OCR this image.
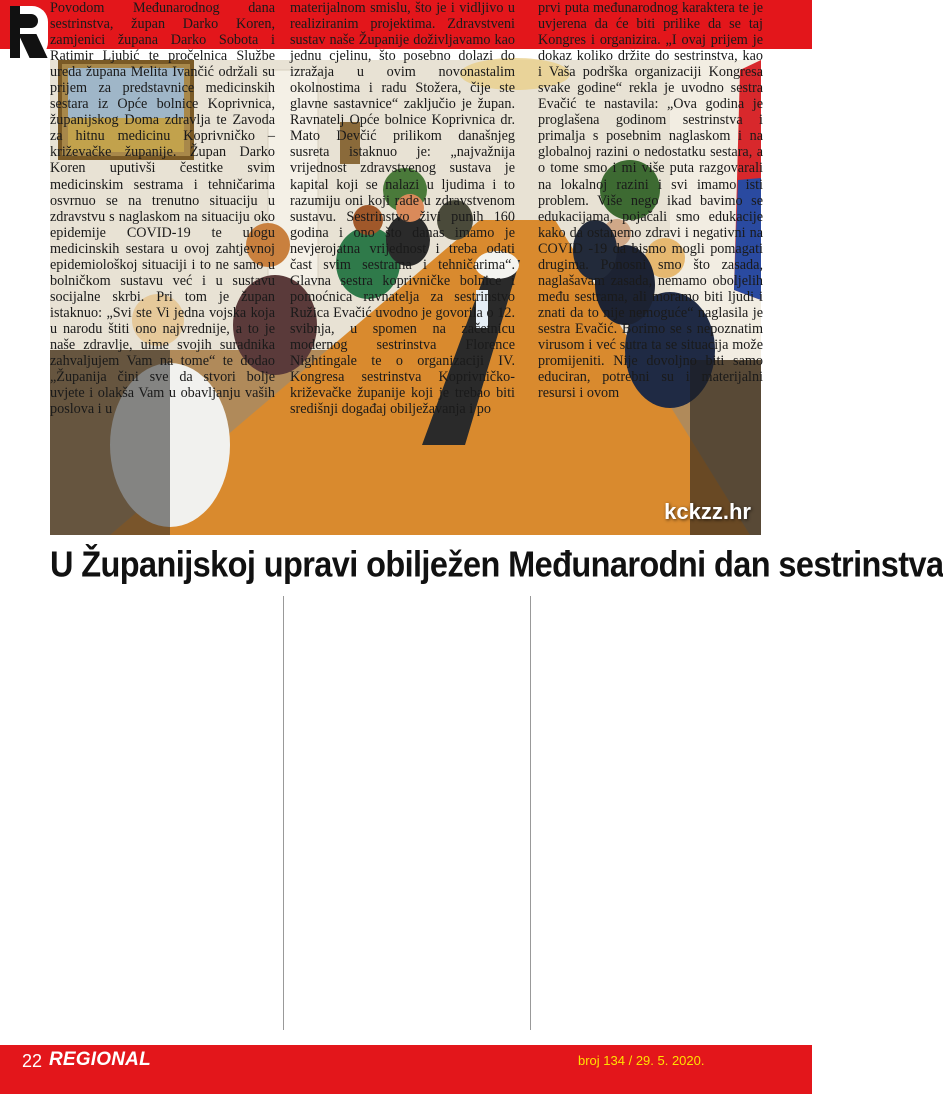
kckzz.hr
U Županijskoj upravi obilježen Međunarodni dan sestrinstva
Povodom Međunarodnog dana sestrinstva, župan Darko Koren, zamjenici župana Darko Sobota i Ratimir Ljubić te pročelnica Službe ureda župana Melita Ivančić održali su prijem za predstavnice medicinskih sestara iz Opće bolnice Koprivnica, županijskog Doma zdravlja te Zavoda za hitnu medicinu Koprivničko – križevačke županije. Župan Darko Koren uputivši čestitke svim medicinskim sestrama i tehničarima osvrnuo se na trenutno situaciju u zdravstvu s naglaskom na situaciju oko epidemije COVID-19 te ulogu medicinskih sestara u ovoj zahtjevnoj epidemiološkoj situaciji i to ne samo u bolničkom sustavu već i u sustavu socijalne skrbi. Pri tom je župan istaknuo: „Svi ste Vi jedna vojska koja u narodu štiti ono najvrednije, a to je naše zdravlje, uime svojih suradnika zahvaljujem Vam na tome“ te dodao „Županija čini sve da stvori bolje uvjete i olakša Vam u obavljanju vaših poslova i u
materijalnom smislu, što je i vidljivo u realiziranim projektima. Zdravstveni sustav naše Županije doživljavamo kao jednu cjelinu, što posebno dolazi do izražaja u ovim novonastalim okolnostima i radu Stožera, čije ste glavne sastavnice“ zaključio je župan. Ravnatelj Opće bolnice Koprivnica dr. Mato Devčić prilikom današnjeg susreta istaknuo je: „najvažnija vrijednost zdravstvenog sustava je kapital koji se nalazi u ljudima i to razumiju oni koji rade u zdravstvenom sustavu. Sestrinstvo živi punih 160 godina i ono što danas imamo je nevjerojatna vrijednost i treba odati čast svim sestrama i tehničarima“. Glavna sestra koprivničke bolnice i pomoćnica ravnatelja za sestrinstvo Ružica Evačić uvodno je govorila o 12. svibnja, u spomen na začetnicu modernog sestrinstva Florence Nightingale te o organizaciji IV. Kongresa sestrinstva Koprivničko-križevačke županije koji je trebao biti središnji događaj obilježavanja i po
prvi puta međunarodnog karaktera te je uvjerena da će biti prilike da se taj Kongres i organizira. „I ovaj prijem je dokaz koliko držite do sestrinstva, kao i Vaša podrška organizaciji Kongresa svake godine“ rekla je uvodno sestra Evačić te nastavila: „Ova godina je proglašena godinom sestrinstva i primalja s posebnim naglaskom i na globalnoj razini o nedostatku sestara, a o tome smo i mi više puta razgovarali na lokalnoj razini i svi imamo isti problem. Više nego ikad bavimo se edukacijama, pojačali smo edukacije kako da ostanemo zdravi i negativni na COVID -19 da bismo mogli pomagati drugima. Ponosni smo što zasada, naglašavam zasada, nemamo oboljelih među sestrama, ali moramo biti ljudi i znati da to nije nemoguće“ naglasila je sestra Evačić. Borimo se s nepoznatim virusom i već sutra ta se situacija može promijeniti. Nije dovoljno biti samo educiran, potrebni su i materijalni resursi i ovom
22 REGIONAL	broj 134 / 29. 5. 2020.
